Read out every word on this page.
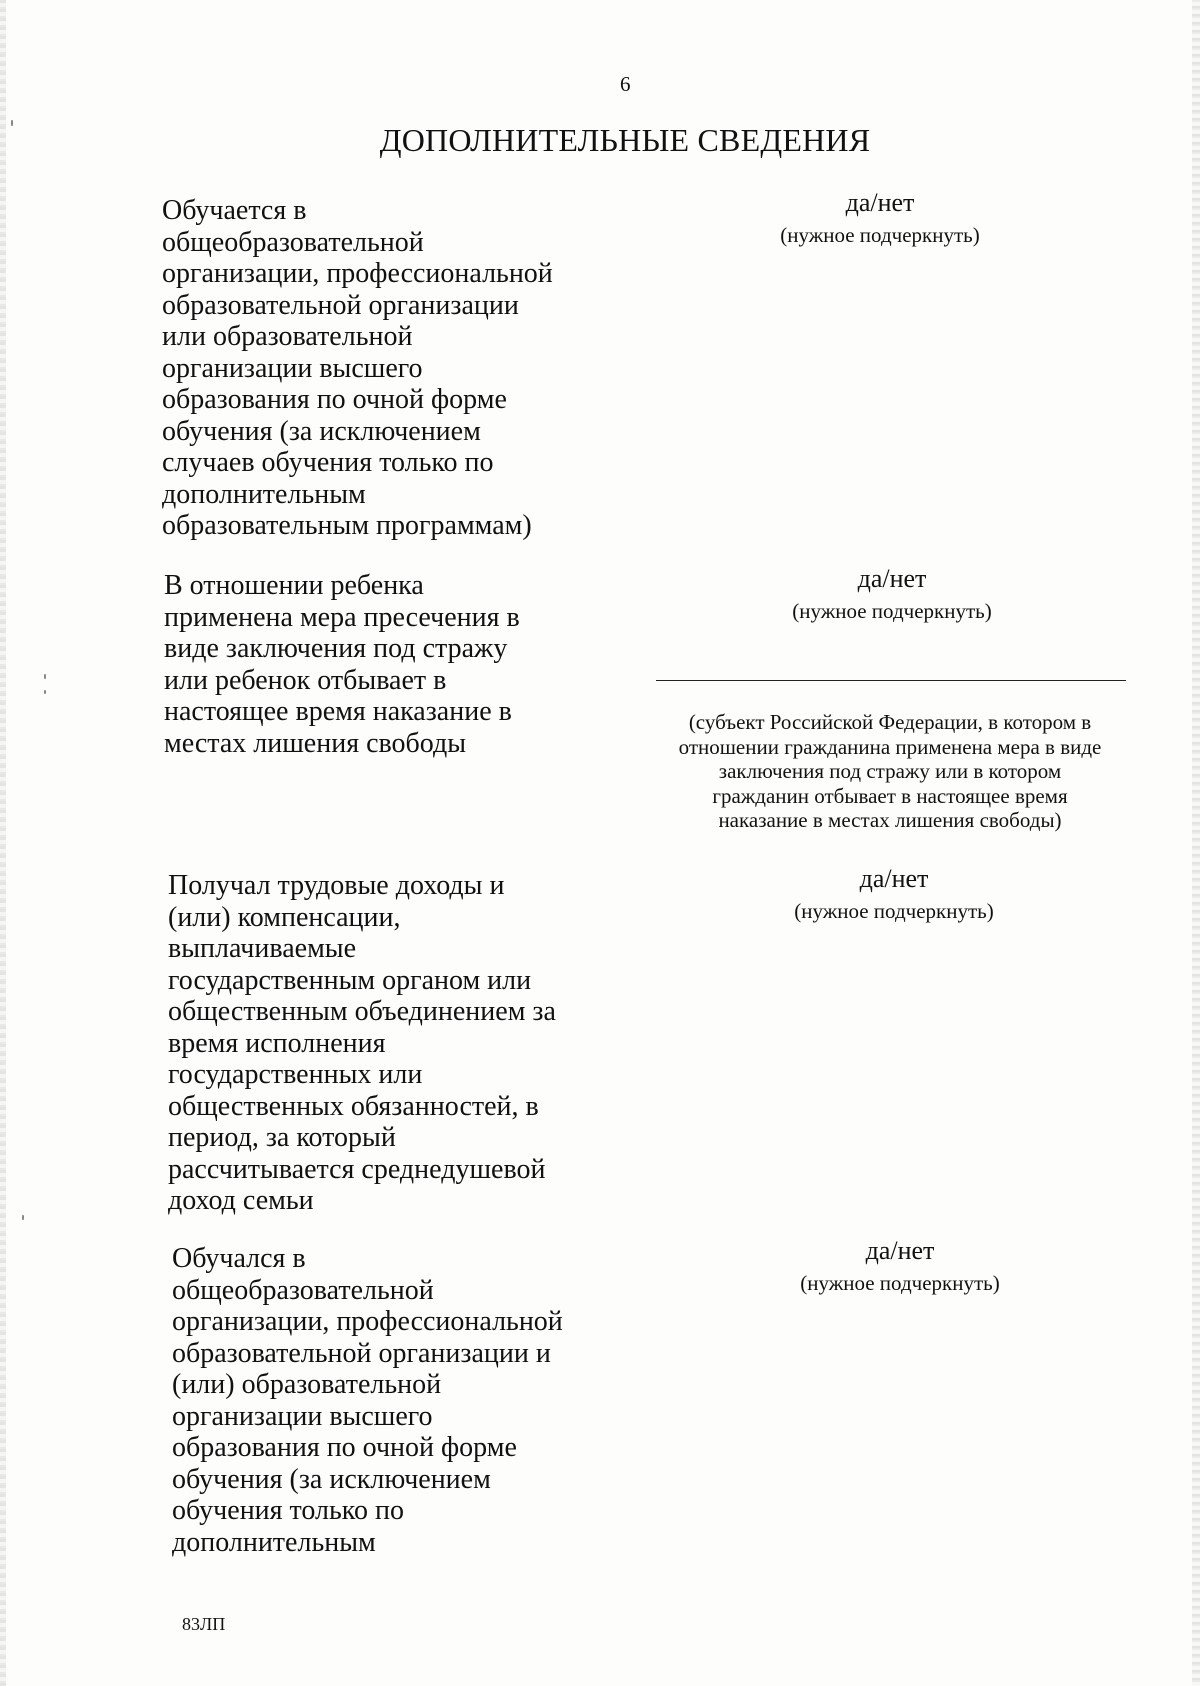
6
ДОПОЛНИТЕЛЬНЫЕ СВЕДЕНИЯ

Обучается в
общеобразовательной
организации, профессиональной
образовательной организации
или образовательной
организации высшего
образования по очной форме
обучения (за исключением
случаев обучения только по
дополнительным
образовательным программам)

да/нет
(нужное подчеркнуть)

В отношении ребенка
применена мера пресечения в
виде заключения под стражу
или ребенок отбывает в
настоящее время наказание в
местах лишения свободы

да/нет
(нужное подчеркнуть)
(субъект Российской Федерации, в котором в
отношении гражданина применена мера в виде
заключения под стражу или в котором
гражданин отбывает в настоящее время
наказание в местах лишения свободы)

Получал трудовые доходы и
(или) компенсации,
выплачиваемые
государственным органом или
общественным объединением за
время исполнения
государственных или
общественных обязанностей, в
период, за который
рассчитывается среднедушевой
доход семьи

да/нет
(нужное подчеркнуть)

Обучался в
общеобразовательной
организации, профессиональной
образовательной организации и
(или) образовательной
организации высшего
образования по очной форме
обучения (за исключением
обучения только по
дополнительным

да/нет
(нужное подчеркнуть)
83ЛП
